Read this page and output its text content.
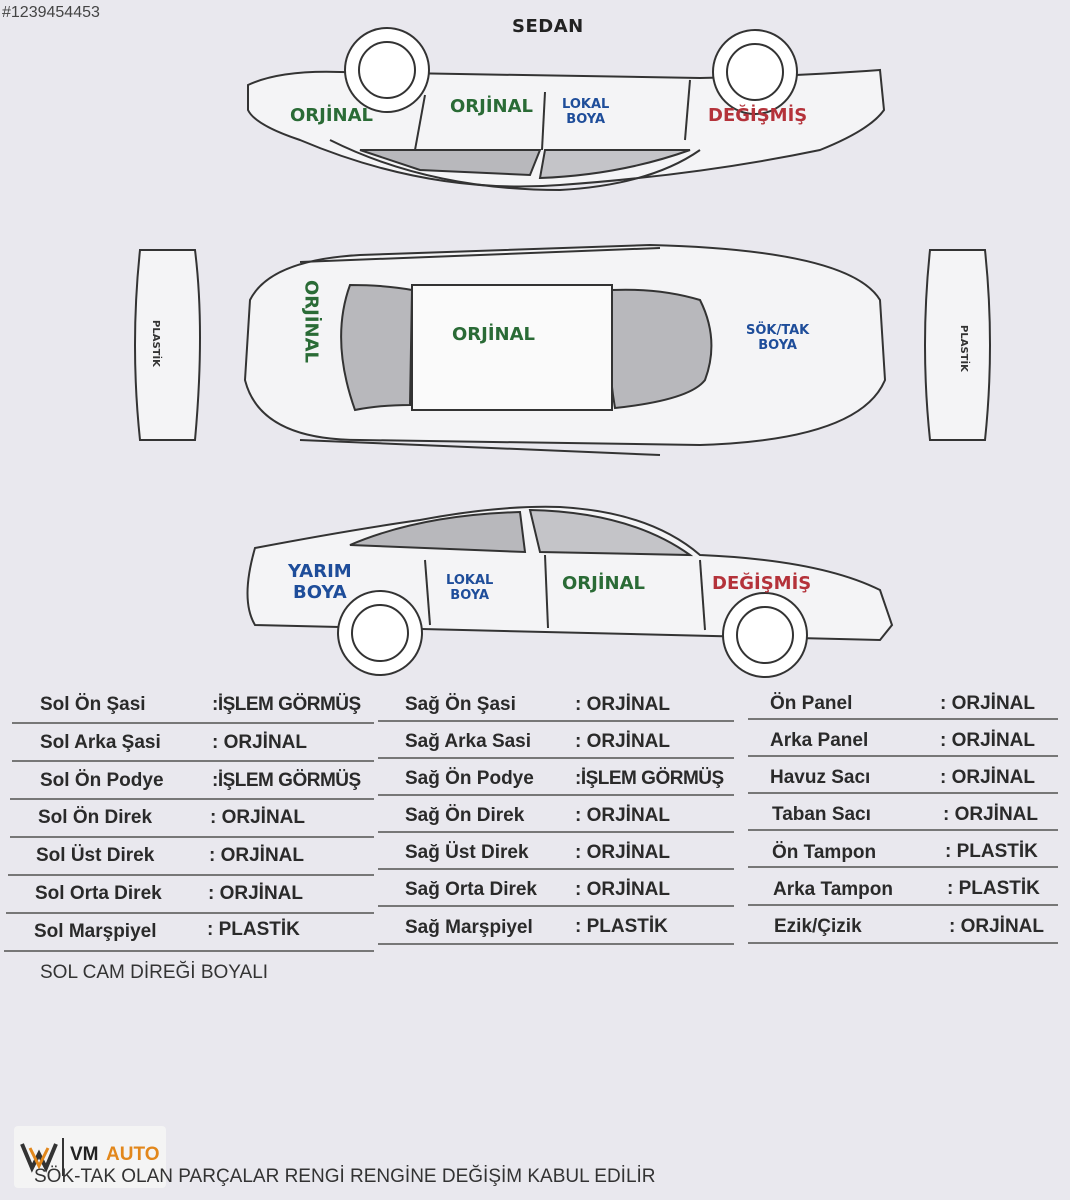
#1239454453
SEDAN
ORJİNAL	ORJİNAL LOKAL
BOYA	DEĞİŞMİŞ
ORJİNAL	ORJİNAL	SÖK/TAK
BOYA
PLASTİK	PLASTİK
YARIM
BOYA
LOKAL
BOYA
ORJİNAL	DEĞİŞMİŞ
Sol Ön Şasi	:İŞLEM GÖRMÜŞ
Sol Arka Şasi	: ORJİNAL
Sol Ön Podye	:İŞLEM GÖRMÜŞ
Sol Ön Direk	: ORJİNAL
Sol Üst Direk	: ORJİNAL
Sol Orta Direk : ORJİNAL
Sol Marşpiyel	: PLASTİK
Sağ Ön Şasi	: ORJİNAL
Sağ Arka Sasi : ORJİNAL
Sağ Ön Podye :İŞLEM GÖRMÜŞ
Sağ Ön Direk	: ORJİNAL
Sağ Üst Direk : ORJİNAL
Sağ Orta Direk : ORJİNAL
Sağ Marşpiyel : PLASTİK
Ön Panel	: ORJİNAL
Arka Panel	: ORJİNAL
Havuz Sacı	: ORJİNAL
Taban Sacı	: ORJİNAL
Ön Tampon	: PLASTİK
Arka Tampon	: PLASTİK
Ezik/Çizik	: ORJİNAL
SOL CAM DİREĞİ BOYALI
VM AUTO
SÖK-TAK OLAN PARÇALAR RENGİ RENGİNE DEĞİŞİM KABUL EDİLİR
